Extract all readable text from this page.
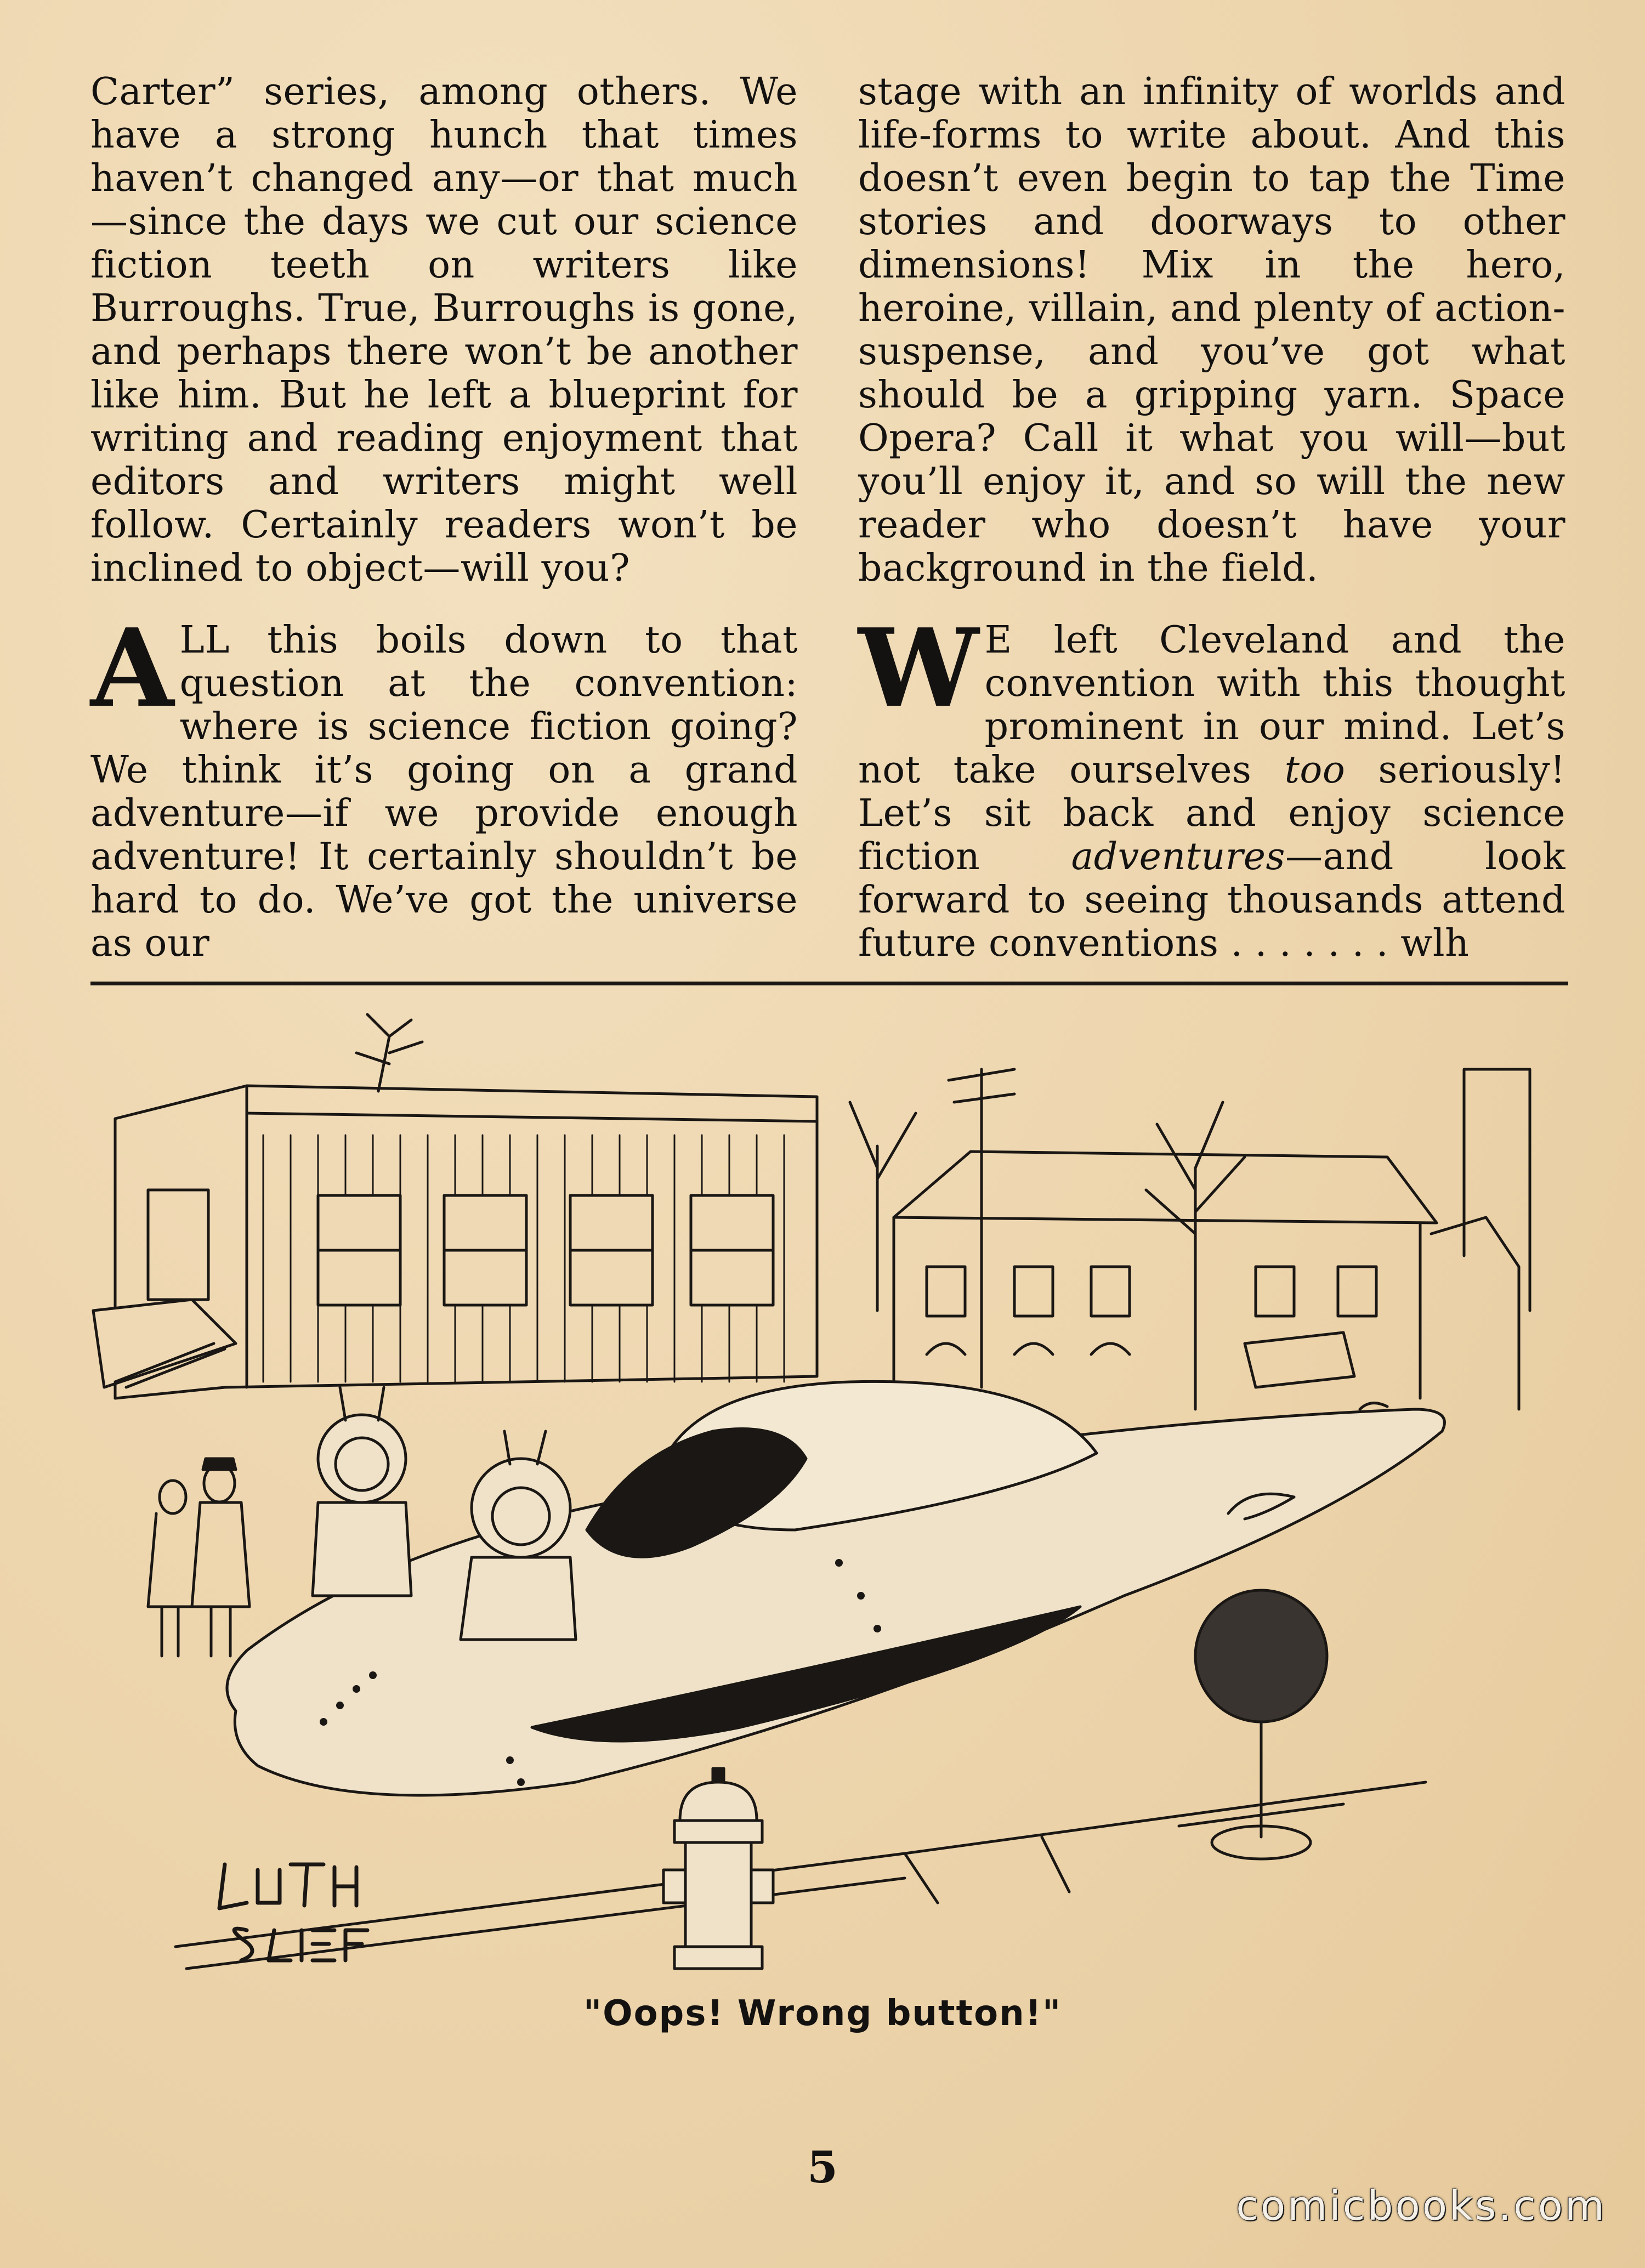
Carter” series, among others. We have a strong hunch that times haven’t changed any—or that much —since the days we cut our science fiction teeth on writers like Burroughs. True, Burroughs is gone, and perhaps there won’t be another like him. But he left a blueprint for writing and reading enjoyment that editors and writers might well follow. Certainly readers won’t be inclined to object—will you?

ALL this boils down to that question at the convention: where is science fiction going? We think it’s going on a grand adventure—if we provide enough adventure! It certainly shouldn’t be hard to do. We’ve got the universe as our

stage with an infinity of worlds and life-forms to write about. And this doesn’t even begin to tap the Time stories and doorways to other dimensions! Mix in the hero, heroine, villain, and plenty of action-suspense, and you’ve got what should be a gripping yarn. Space Opera? Call it what you will—but you’ll enjoy it, and so will the new reader who doesn’t have your background in the field.

W E left Cleveland and the convention with this thought prominent in our mind. Let’s not take ourselves too seriously! Let’s sit back and enjoy science fiction adventures—and look forward to seeing thousands attend future conventions . . . . . . . wlh

"Oops! Wrong button!"
5
comicbooks.com
